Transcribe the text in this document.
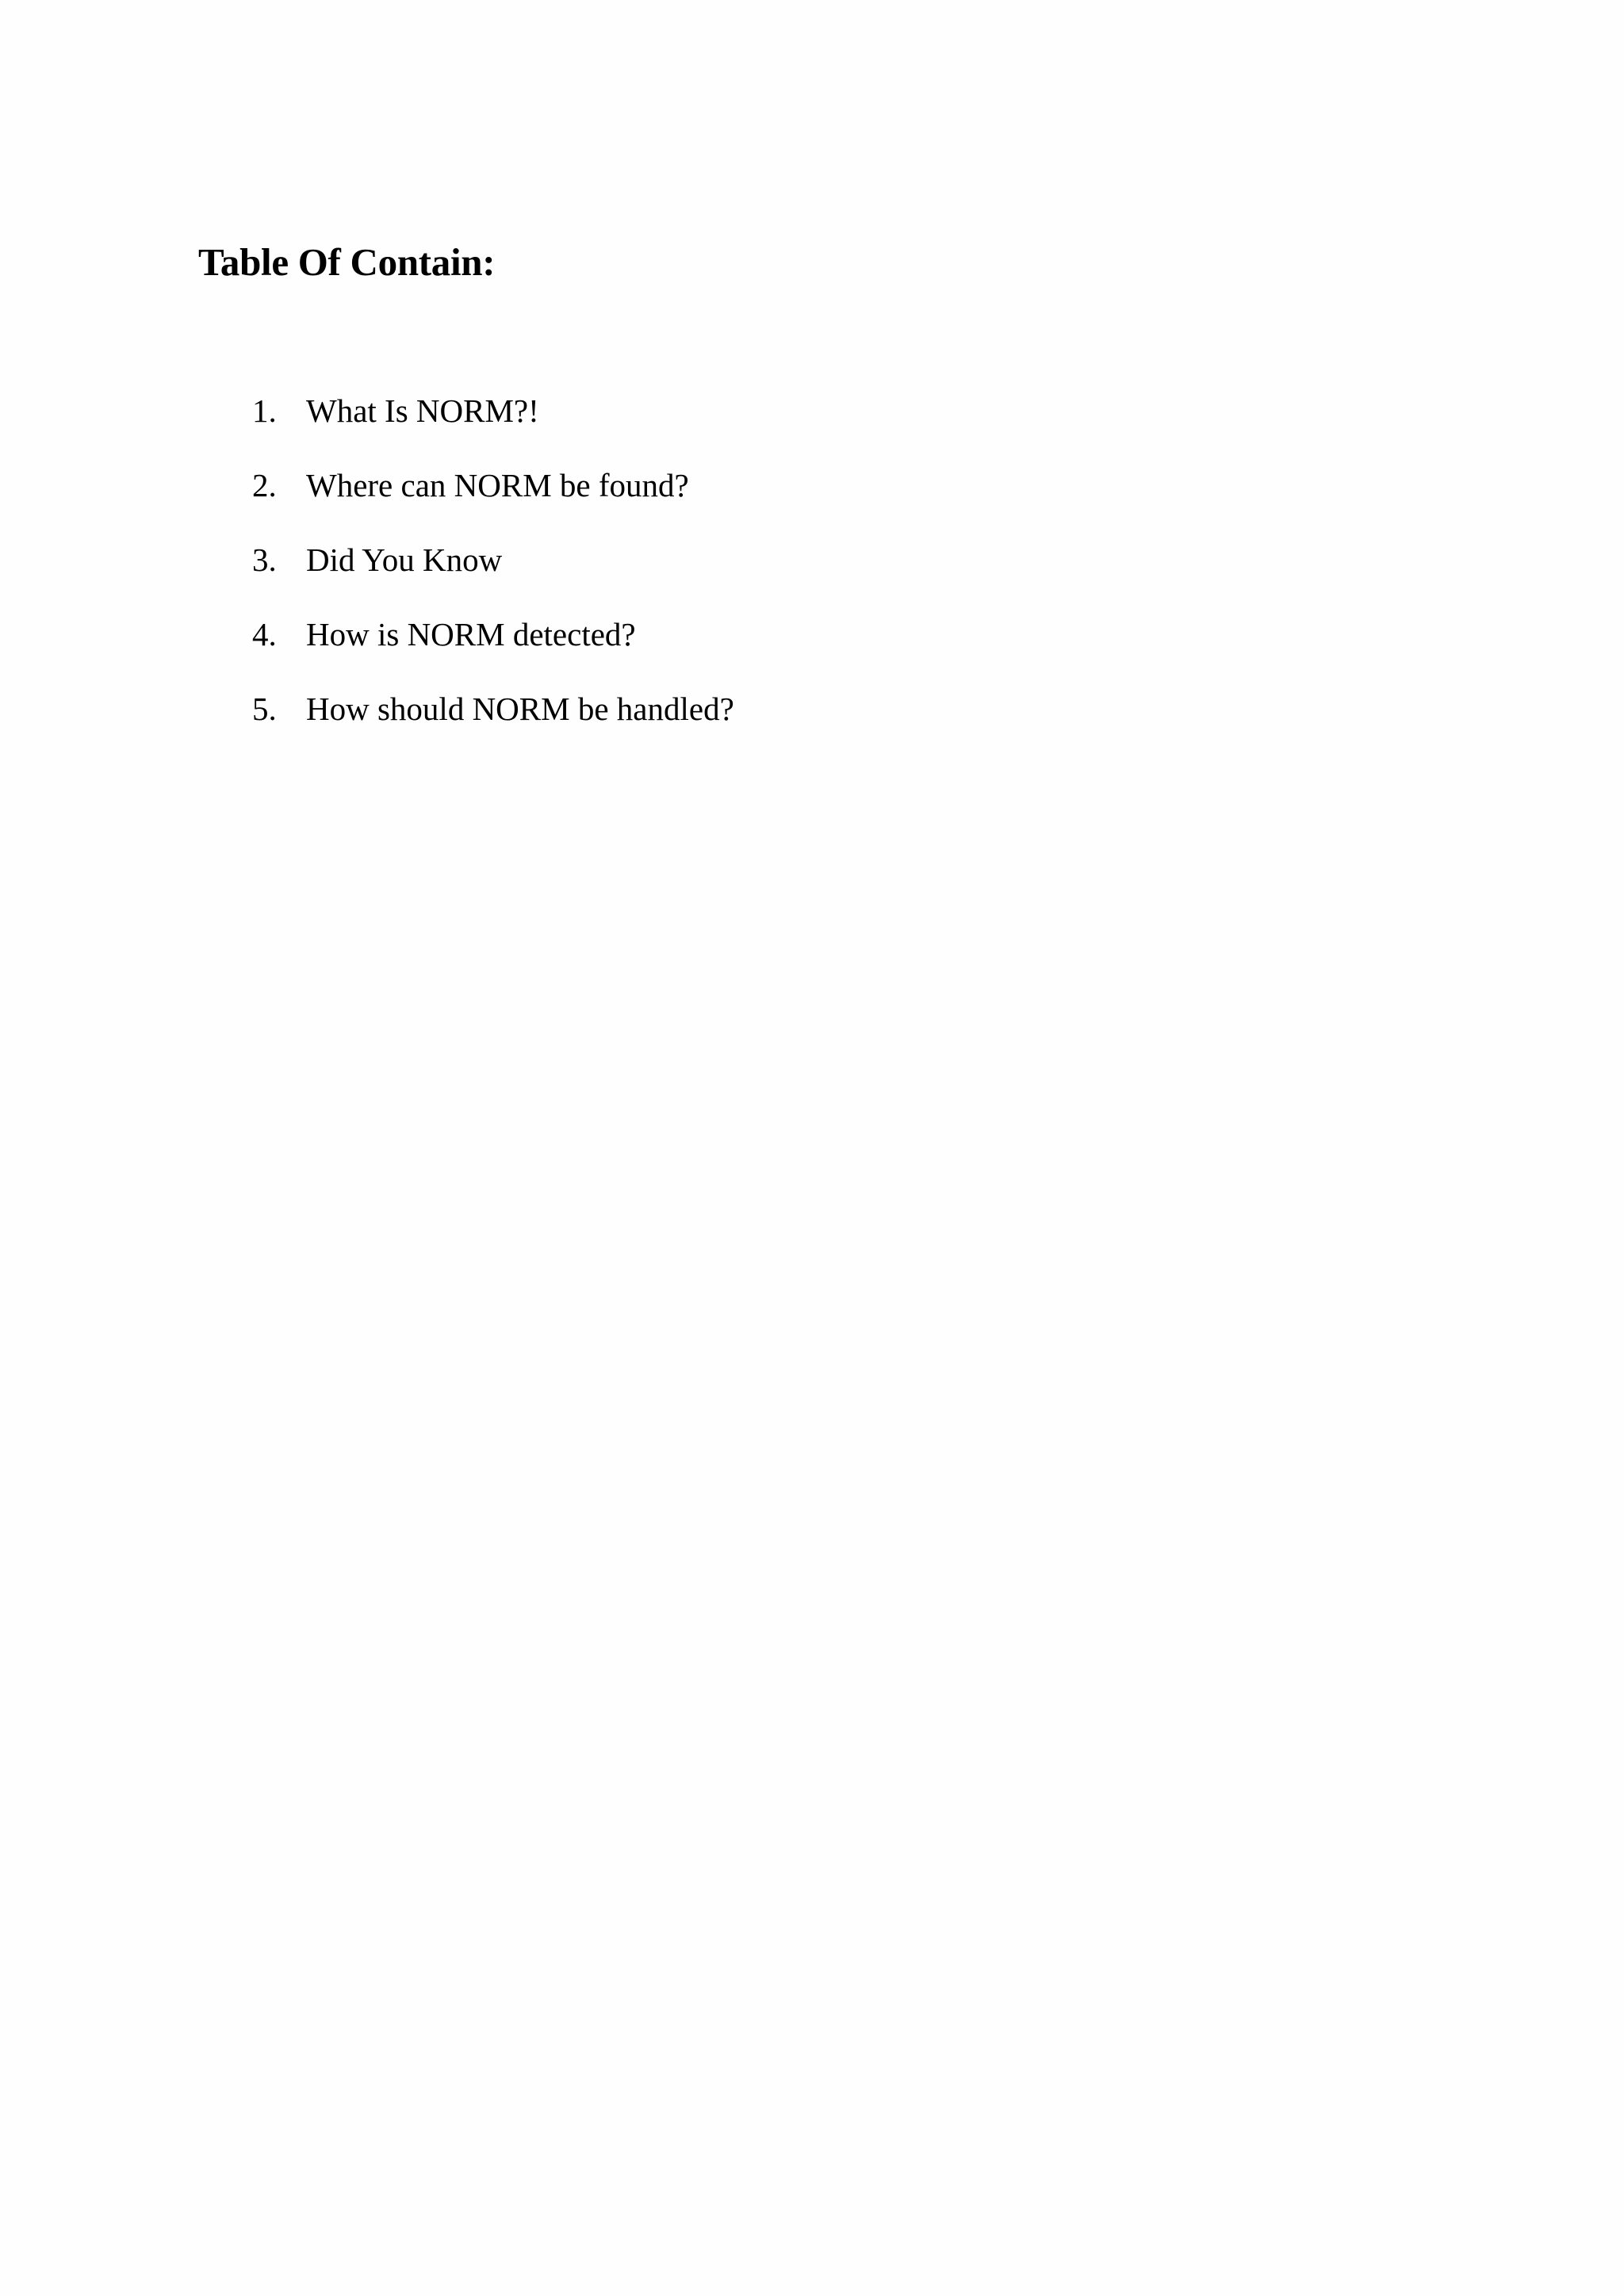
Table Of Contain:
1. What Is NORM?!
2. Where can NORM be found?
3. Did You Know
4. How is NORM detected?
5. How should NORM be handled?
